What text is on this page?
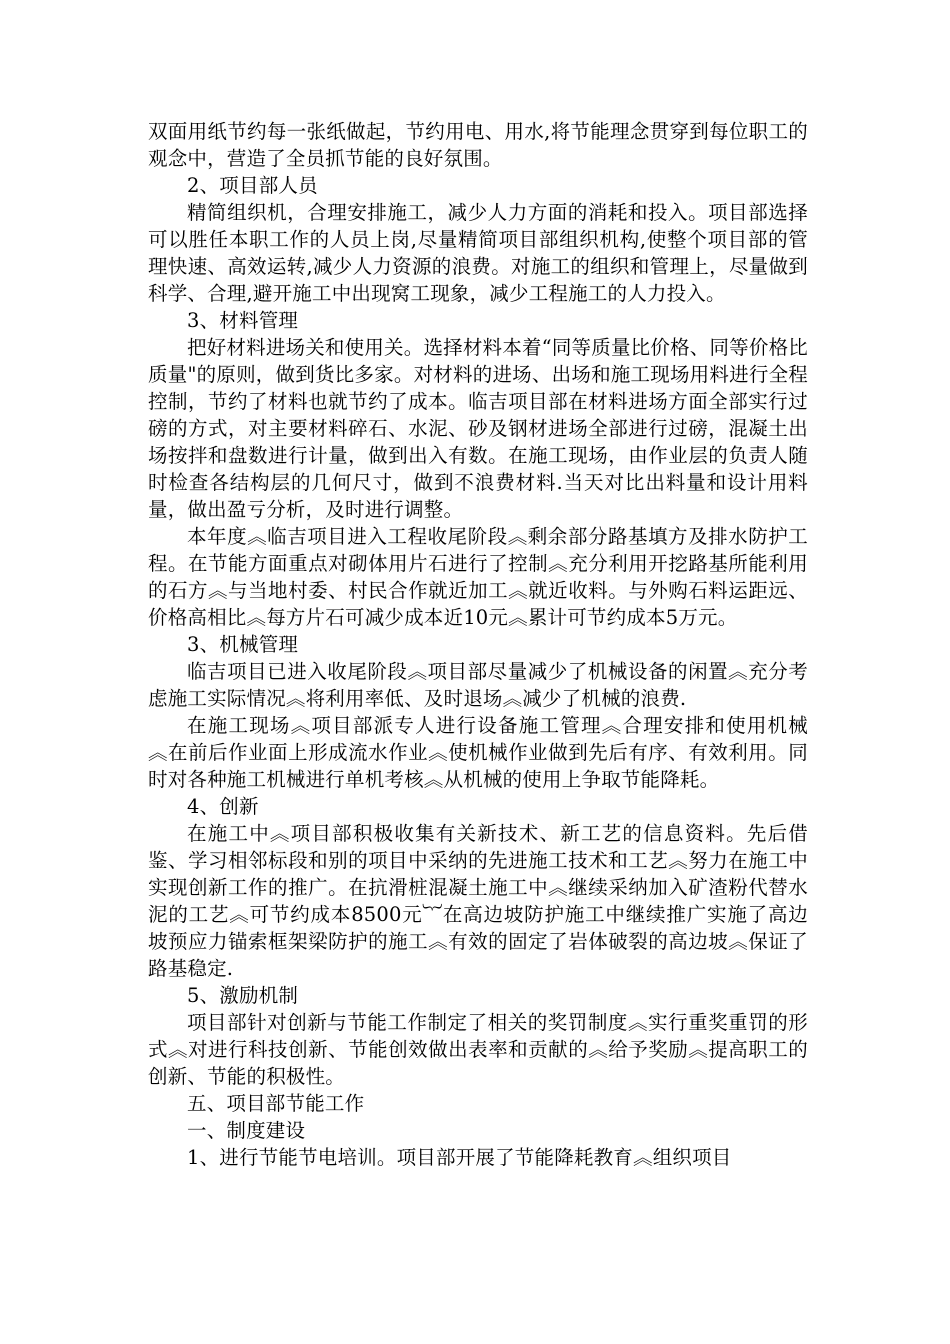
双面用纸节约每一张纸做起，节约用电、用水,将节能理念贯穿到每位职工的观念中，营造了全员抓节能的良好氛围。

2、项目部人员

精简组织机，合理安排施工，减少人力方面的消耗和投入。项目部选择可以胜任本职工作的人员上岗,尽量精简项目部组织机构,使整个项目部的管理快速、高效运转,减少人力资源的浪费。对施工的组织和管理上，尽量做到科学、合理,避开施工中出现窝工现象，减少工程施工的人力投入。

3、材料管理

把好材料进场关和使用关。选择材料本着“同等质量比价格、同等价格比质量"的原则，做到货比多家。对材料的进场、出场和施工现场用料进行全程控制，节约了材料也就节约了成本。临吉项目部在材料进场方面全部实行过磅的方式，对主要材料碎石、水泥、砂及钢材进场全部进行过磅，混凝土出场按拌和盘数进行计量，做到出入有数。在施工现场，由作业层的负责人随时检查各结构层的几何尺寸，做到不浪费材料.当天对比出料量和设计用料量，做出盈亏分析，及时进行调整。

本年度︽临吉项目进入工程收尾阶段︽剩余部分路基填方及排水防护工程。在节能方面重点对砌体用片石进行了控制︽充分利用开挖路基所能利用的石方︽与当地村委、村民合作就近加工︽就近收料。与外购石料运距远、价格高相比︽每方片石可减少成本近10元︽累计可节约成本5万元。

3、机械管理

临吉项目已进入收尾阶段︽项目部尽量减少了机械设备的闲置︽充分考虑施工实际情况︽将利用率低、及时退场︽减少了机械的浪费.

在施工现场︽项目部派专人进行设备施工管理︽合理安排和使用机械︽在前后作业面上形成流水作业︽使机械作业做到先后有序、有效利用。同时对各种施工机械进行单机考核︽从机械的使用上争取节能降耗。

4、创新

在施工中︽项目部积极收集有关新技术、新工艺的信息资料。先后借鉴、学习相邻标段和别的项目中采纳的先进施工技术和工艺︽努力在施工中实现创新工作的推广。在抗滑桩混凝土施工中︽继续采纳加入矿渣粉代替水泥的工艺︽可节约成本8500元︸在高边坡防护施工中继续推广实施了高边坡预应力锚索框架梁防护的施工︽有效的固定了岩体破裂的高边坡︽保证了路基稳定.

5、激励机制

项目部针对创新与节能工作制定了相关的奖罚制度︽实行重奖重罚的形式︽对进行科技创新、节能创效做出表率和贡献的︽给予奖励︽提高职工的创新、节能的积极性。

五、项目部节能工作

一、制度建设

1、进行节能节电培训。项目部开展了节能降耗教育︽组织项目
